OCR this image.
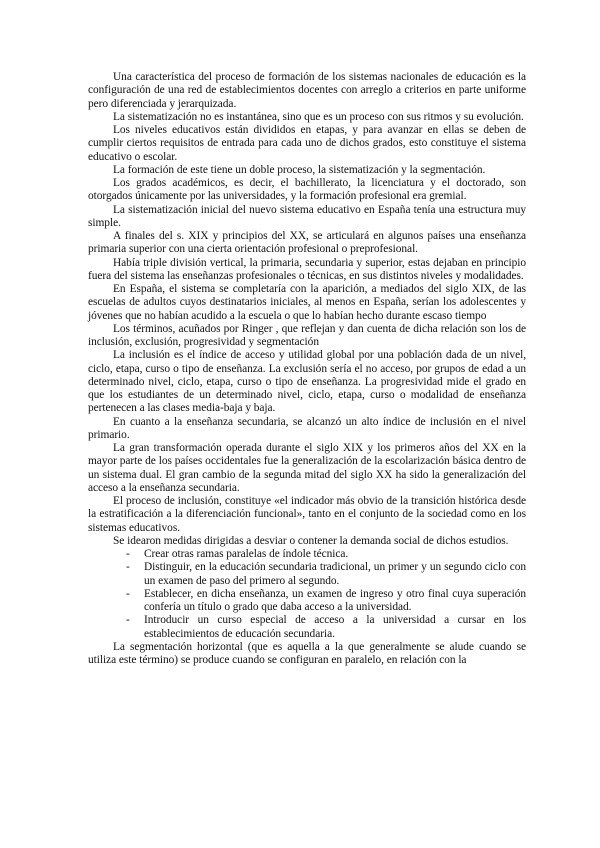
Una característica del proceso de formación de los sistemas nacionales de educación es la configuración de una red de establecimientos docentes con arreglo a criterios en parte uniforme pero diferenciada y jerarquizada.

La sistematización no es instantánea, sino que es un proceso con sus ritmos y su evolución.

Los niveles educativos están divididos en etapas, y para avanzar en ellas se deben de cumplir ciertos requisitos de entrada para cada uno de dichos grados, esto constituye el sistema educativo o escolar.

La formación de este tiene un doble proceso, la sistematización y la segmentación.

Los grados académicos, es decir, el bachillerato, la licenciatura y el doctorado, son otorgados únicamente por las universidades, y la formación profesional era gremial.

La sistematización inicial del nuevo sistema educativo en España tenía una estructura muy simple.

A finales del s. XIX y principios del XX, se articulará en algunos países una enseñanza primaria superior con una cierta orientación profesional o preprofesional.

Había triple división vertical, la primaria, secundaria y superior, estas dejaban en principio fuera del sistema las enseñanzas profesionales o técnicas, en sus distintos niveles y modalidades.

En España, el sistema se completaría con la aparición, a mediados del siglo XIX, de las escuelas de adultos cuyos destinatarios iniciales, al menos en España, serían los adolescentes y jóvenes que no habían acudido a la escuela o que lo habían hecho durante escaso tiempo

Los términos, acuñados por Ringer , que reflejan y dan cuenta de dicha relación son los de inclusión, exclusión, progresividad y segmentación

La inclusión es el índice de acceso y utilidad global por una población dada de un nivel, ciclo, etapa, curso o tipo de enseñanza. La exclusión sería el no acceso, por grupos de edad a un determinado nivel, ciclo, etapa, curso o tipo de enseñanza. La progresividad mide el grado en que los estudiantes de un determinado nivel, ciclo, etapa, curso o modalidad de enseñanza pertenecen a las clases media-baja y baja.

En cuanto a la enseñanza secundaria, se alcanzó un alto índice de inclusión en el nivel primario.

La gran transformación operada durante el siglo XIX y los primeros años del XX en la mayor parte de los países occidentales fue la generalización de la escolarización básica dentro de un sistema dual. El gran cambio de la segunda mitad del siglo XX ha sido la generalización del acceso a la enseñanza secundaria.

El proceso de inclusión, constituye «el indicador más obvio de la transición histórica desde la estratificación a la diferenciación funcional», tanto en el conjunto de la sociedad como en los sistemas educativos.

Se idearon medidas dirigidas a desviar o contener la demanda social de dichos estudios.

- Crear otras ramas paralelas de índole técnica.
- Distinguir, en la educación secundaria tradicional, un primer y un segundo ciclo con un examen de paso del primero al segundo.
- Establecer, en dicha enseñanza, un examen de ingreso y otro final cuya superación confería un título o grado que daba acceso a la universidad.
- Introducir un curso especial de acceso a la universidad a cursar en los establecimientos de educación secundaria.

La segmentación horizontal (que es aquella a la que generalmente se alude cuando se utiliza este término) se produce cuando se configuran en paralelo, en relación con la
